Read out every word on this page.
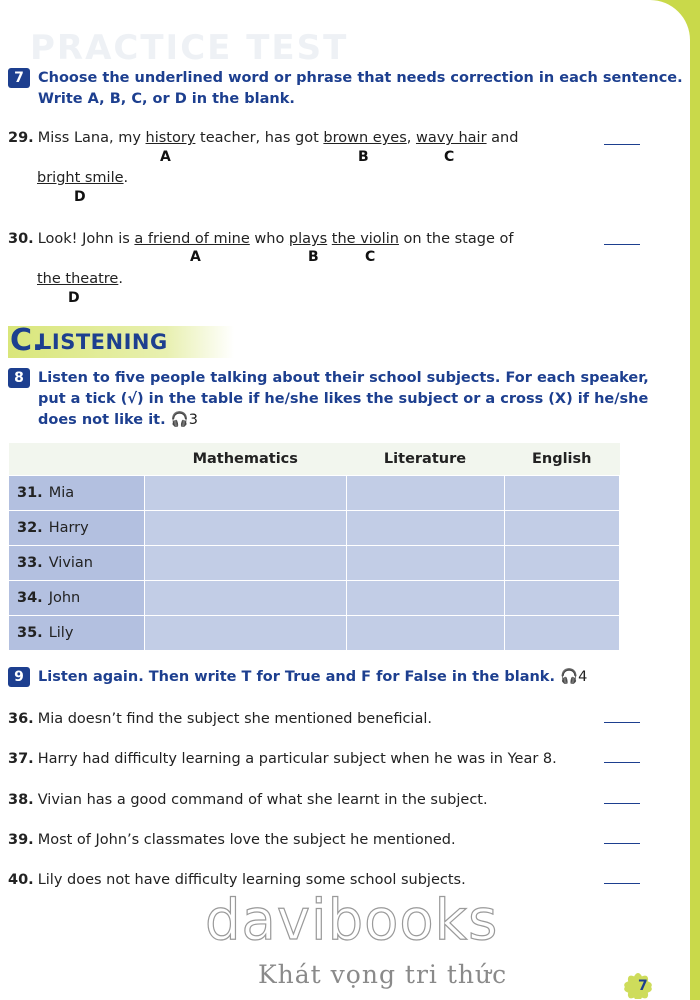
PRACTICE TEST
7 Choose the underlined word or phrase that needs correction in each sentence.
Write A, B, C, or D in the blank.
29. Miss Lana, my history teacher, has got brown eyes, wavy hair and
A	B	C
bright smile.
D
30. Look! John is a friend of mine who plays the violin on the stage of
A	B	C
the theatre.
D
C.
LISTENING
8 Listen to five people talking about their school subjects. For each speaker,
put a tick (√) in the table if he/she likes the subject or a cross (X) if he/she
does not like it. 🎧3
	Mathematics	Literature	English
31. Mia			
32. Harry			
33. Vivian			
34. John			
35. Lily			
9 Listen again. Then write T for True and F for False in the blank. 🎧4
36. Mia doesn’t find the subject she mentioned beneficial.
37. Harry had difficulty learning a particular subject when he was in Year 8.
38. Vivian has a good command of what she learnt in the subject.
39. Most of John’s classmates love the subject he mentioned.
40. Lily does not have difficulty learning some school subjects.
davibooks
Khát vọng tri thức	7
